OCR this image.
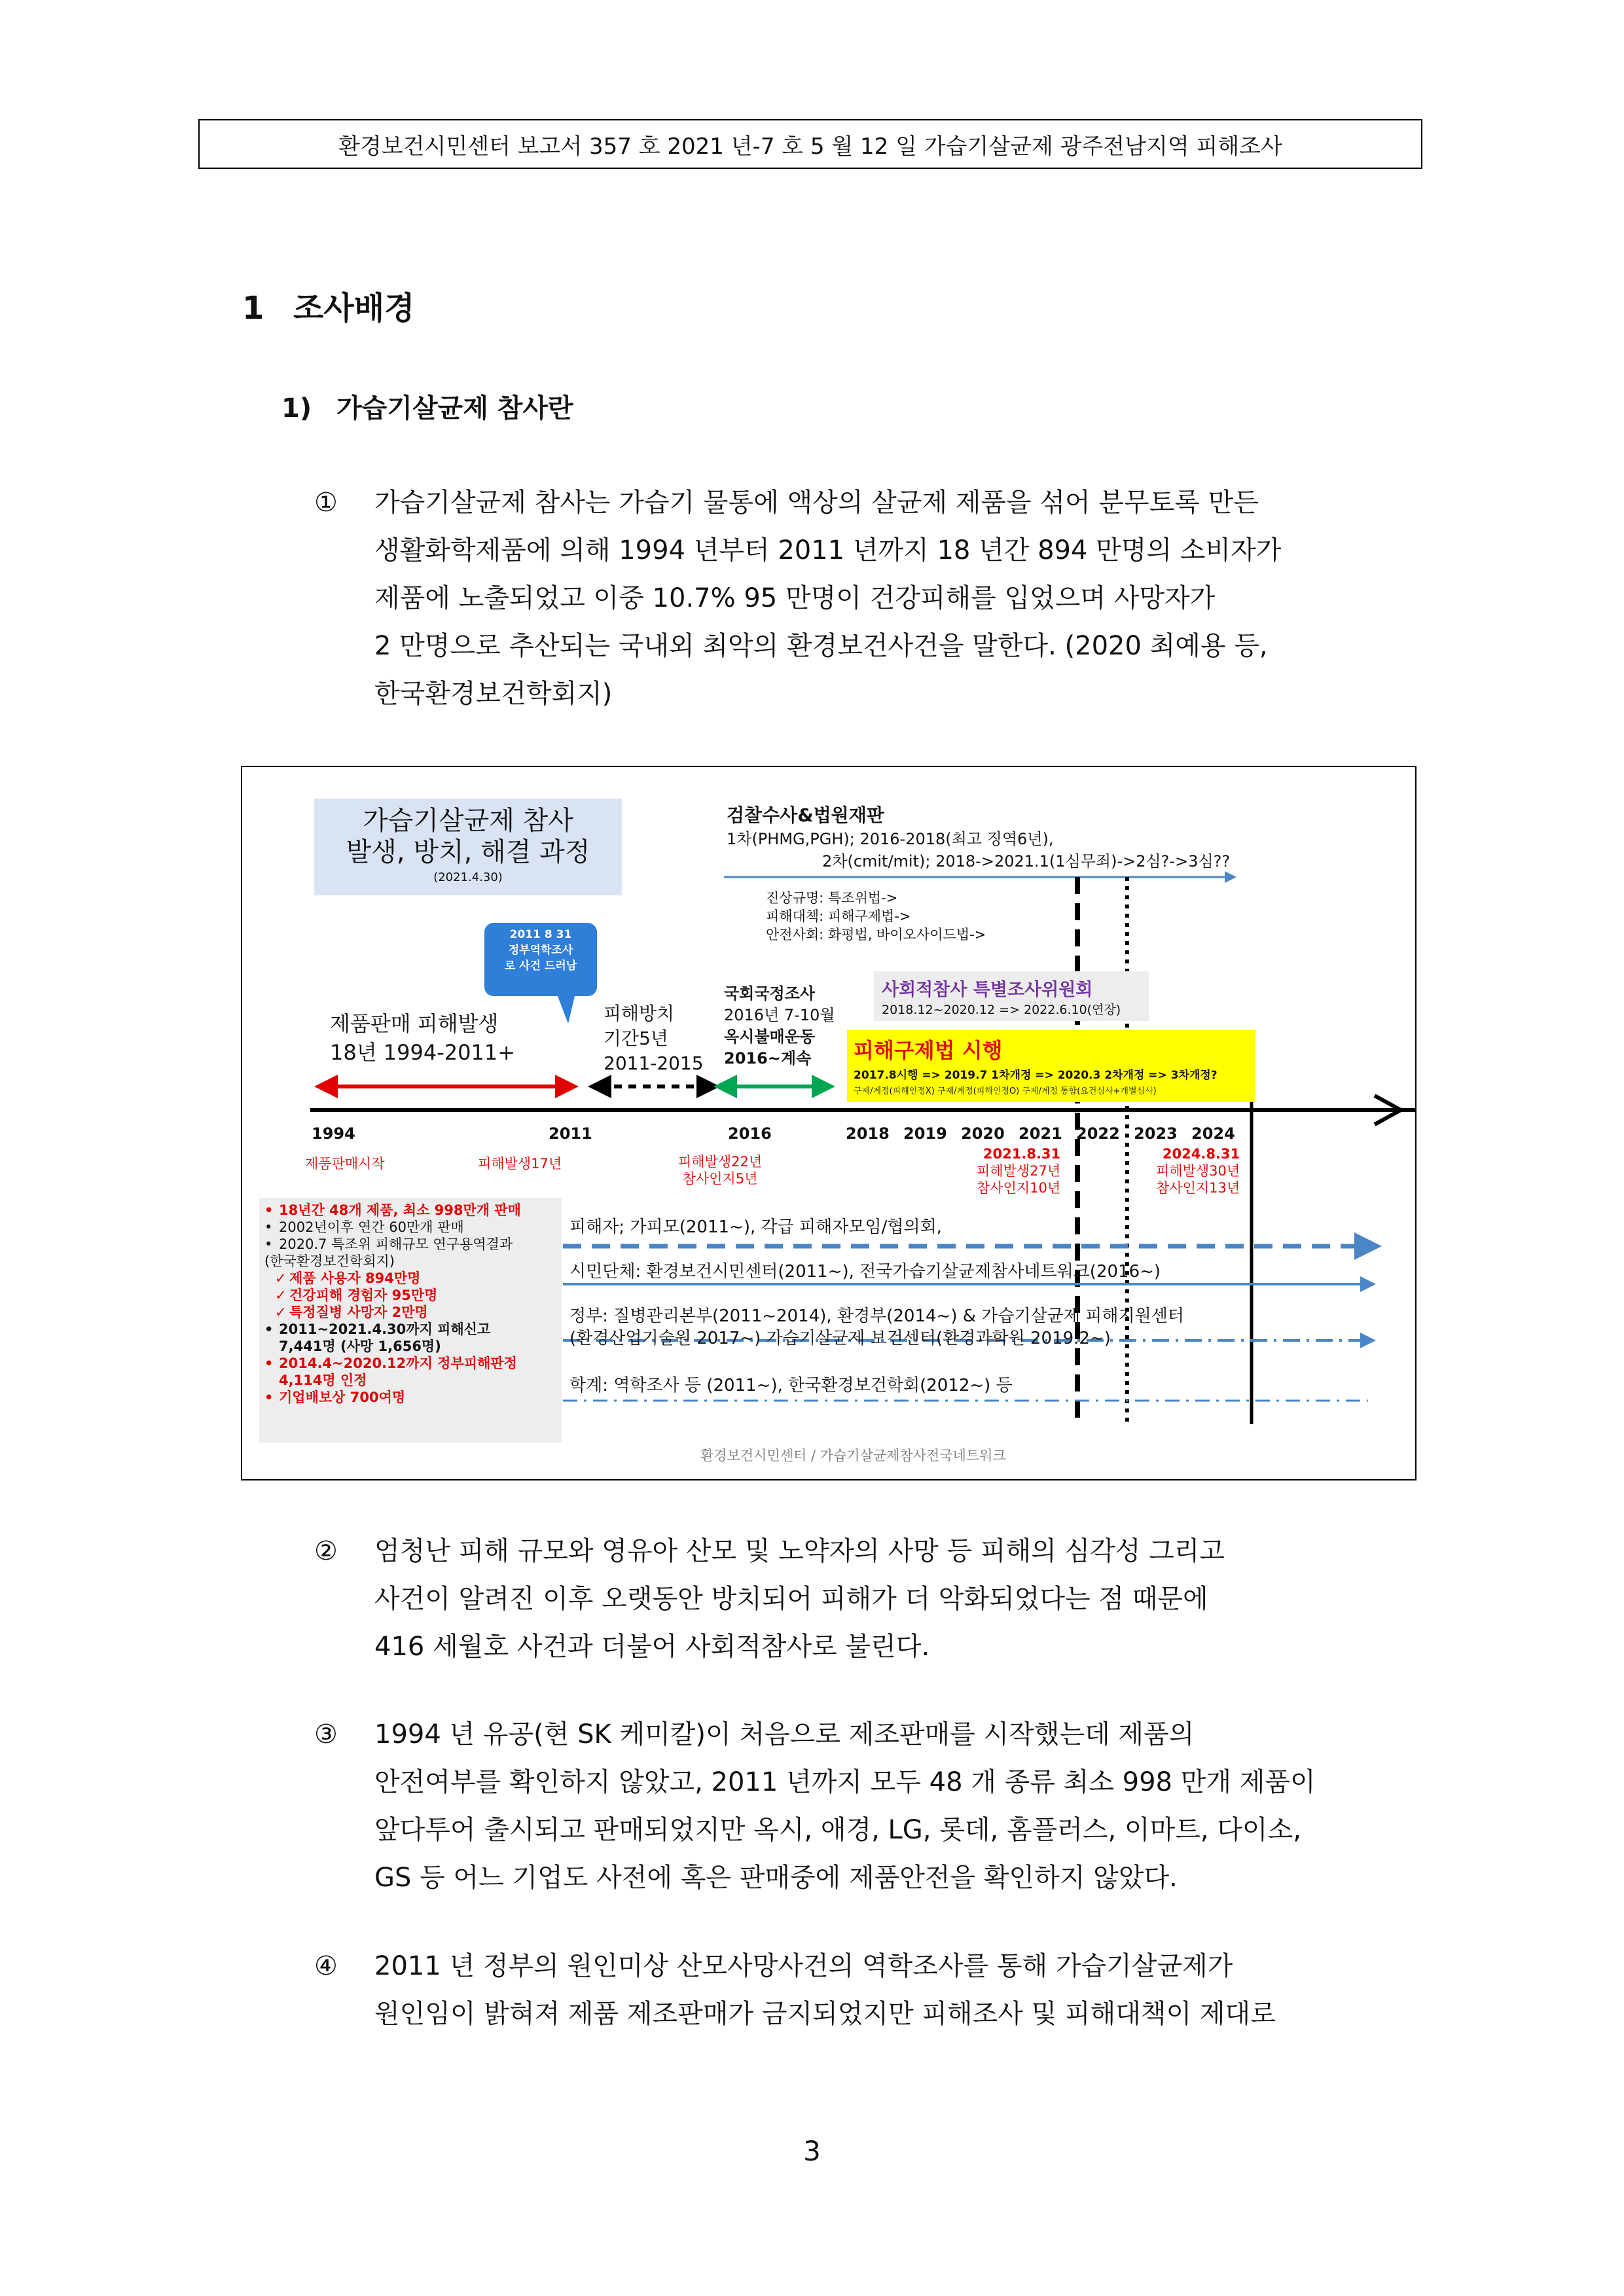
환경보건시민센터 보고서 357 호 2021 년-7 호 5 월 12 일 가습기살균제 광주전남지역 피해조사
1 조사배경
1) 가습기살균제 참사란
①	가습기살균제 참사는 가습기 물통에 액상의 살균제 제품을 섞어 분무토록 만든
생활화학제품에 의해 1994 년부터 2011 년까지 18 년간 894 만명의 소비자가
제품에 노출되었고 이중 10.7% 95 만명이 건강피해를 입었으며 사망자가
2 만명으로 추산되는 국내외 최악의 환경보건사건을 말한다. (2020 최예용 등,
한국환경보건학회지)
가습기살균제 참사
발생, 방치, 해결 과정
(2021.4.30)
검찰수사&법원재판
1차(PHMG,PGH); 2016-2018(최고 징역6년),
2차(cmit/mit); 2018->2021.1(1심무죄)->2심?->3심??
진상규명: 특조위법->
피해대책: 피해구제법->
안전사회: 화평법, 바이오사이드법->
2011 8 31
정부역학조사
로 사건 드러남
제품판매 피해발생
18년 1994-2011+
피해방치
기간5년
2011-2015
국회국정조사
2016년 7-10월
옥시불매운동
2016~계속
사회적참사 특별조사위원회
2018.12~2020.12 => 2022.6.10(연장)
피해구제법 시행
2017.8시행 => 2019.7 1차개정 => 2020.3 2차개정 => 3차개정?
구제/계정(피해인정X) 구제/계정(피해인정O) 구제/계정 통합(요건심사+개별심사)
1994	2011	2016	2018 2019 2020 2021 2022 2023 2024
제품판매시작	피해발생17년	피해발생22년
참사인지5년
2021.8.31
피해발생27년
참사인지10년
2024.8.31
피해발생30년
참사인지13년
• 18년간 48개 제품, 최소 998만개 판매
• 2002년이후 연간 60만개 판매
• 2020.7 특조위 피해규모 연구용역결과
(한국환경보건학회지)
✓ 제품 사용자 894만명
✓ 건강피해 경험자 95만명
✓ 특정질병 사망자 2만명
• 2011~2021.4.30까지 피해신고
7,441명 (사망 1,656명)
• 2014.4~2020.12까지 정부피해판정
4,114명 인정
• 기업배보상 700여명
피해자; 가피모(2011~), 각급 피해자모임/협의회,
시민단체: 환경보건시민센터(2011~), 전국가습기살균제참사네트워크(2016~)
정부: 질병관리본부(2011~2014), 환경부(2014~) & 가습기살균제 피해지원센터
(환경산업기술원 2017~) 가습기살균제 보건센터(환경과학원 2019.2~)
학계: 역학조사 등 (2011~), 한국환경보건학회(2012~) 등
환경보건시민센터 / 가습기살균제참사전국네트워크
②	엄청난 피해 규모와 영유아 산모 및 노약자의 사망 등 피해의 심각성 그리고
사건이 알려진 이후 오랫동안 방치되어 피해가 더 악화되었다는 점 때문에
416 세월호 사건과 더불어 사회적참사로 불린다.
③	1994 년 유공(현 SK 케미칼)이 처음으로 제조판매를 시작했는데 제품의
안전여부를 확인하지 않았고, 2011 년까지 모두 48 개 종류 최소 998 만개 제품이
앞다투어 출시되고 판매되었지만 옥시, 애경, LG, 롯데, 홈플러스, 이마트, 다이소,
GS 등 어느 기업도 사전에 혹은 판매중에 제품안전을 확인하지 않았다.
④	2011 년 정부의 원인미상 산모사망사건의 역학조사를 통해 가습기살균제가
원인임이 밝혀져 제품 제조판매가 금지되었지만 피해조사 및 피해대책이 제대로
3
